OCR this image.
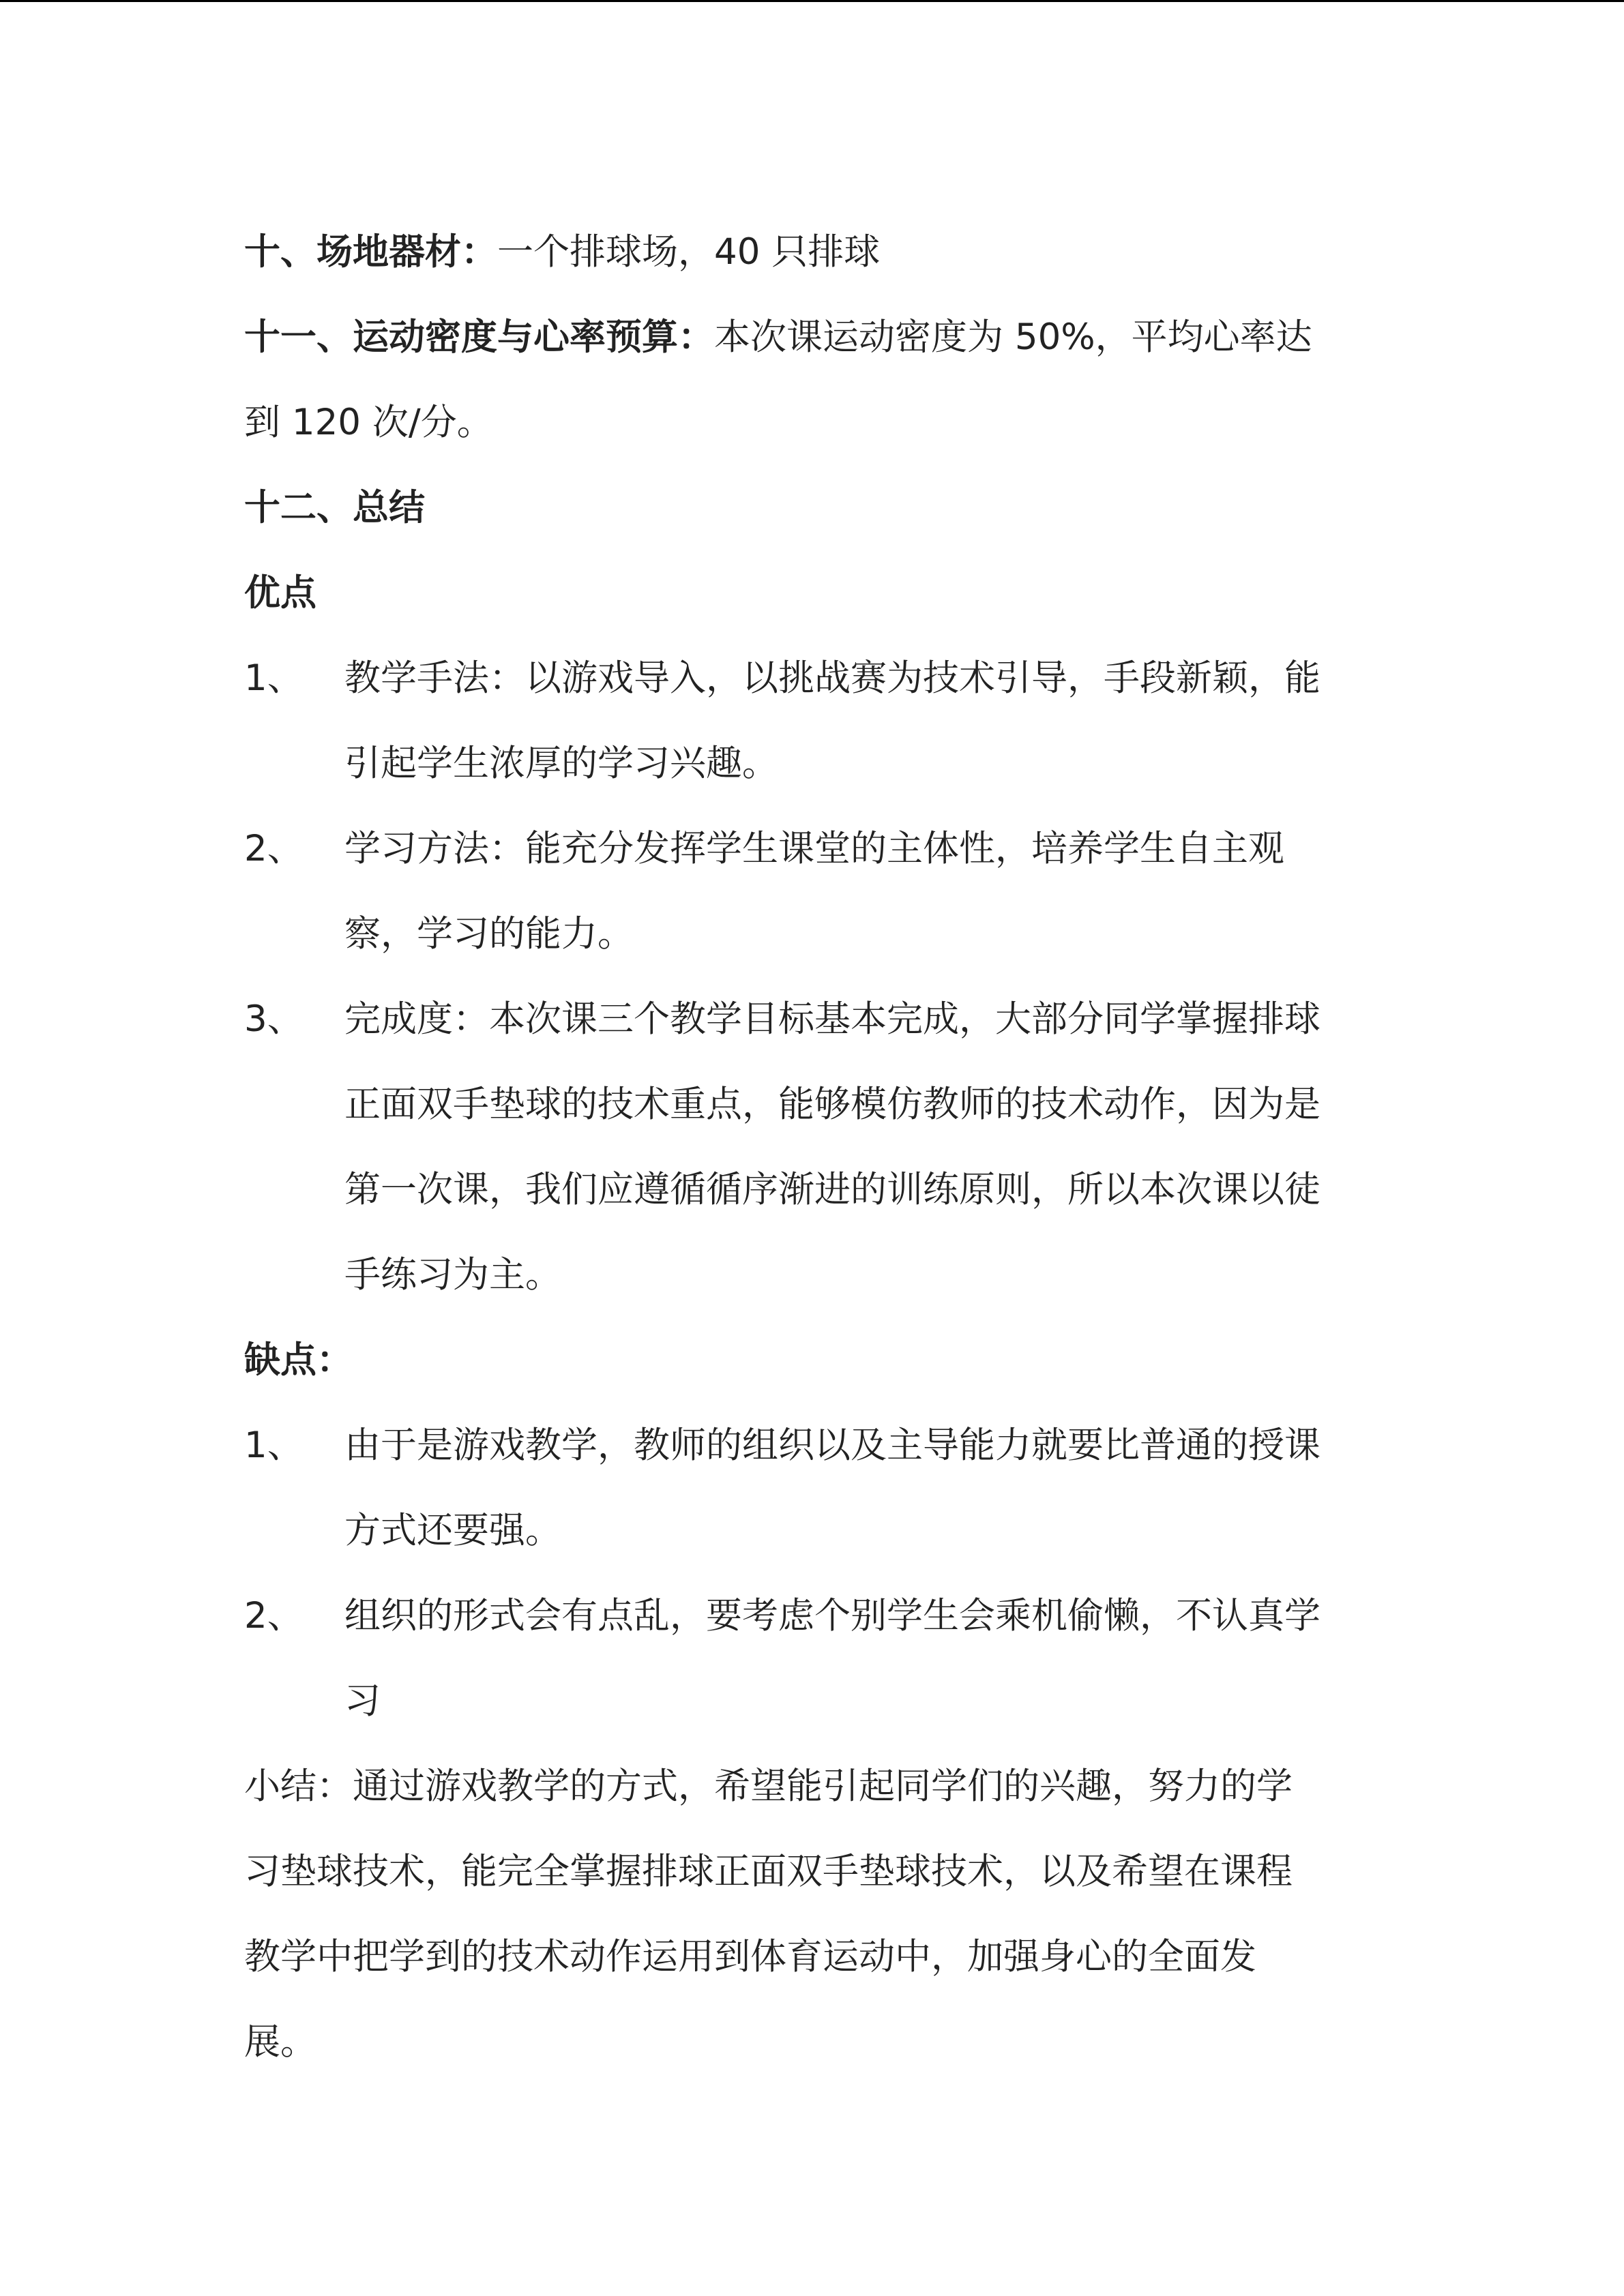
十、场地器材：一个排球场，40 只排球
十一、运动密度与心率预算：本次课运动密度为 50%，平均心率达
到 120 次/分。
十二、总结
优点
1、	教学手法：以游戏导入，以挑战赛为技术引导，手段新颖，能
引起学生浓厚的学习兴趣。
2、	学习方法：能充分发挥学生课堂的主体性，培养学生自主观
察，学习的能力。
3、	完成度：本次课三个教学目标基本完成，大部分同学掌握排球
正面双手垫球的技术重点，能够模仿教师的技术动作，因为是
第一次课，我们应遵循循序渐进的训练原则，所以本次课以徒
手练习为主。
缺点：
1、	由于是游戏教学，教师的组织以及主导能力就要比普通的授课
方式还要强。
2、	组织的形式会有点乱，要考虑个别学生会乘机偷懒，不认真学
习
小结：通过游戏教学的方式，希望能引起同学们的兴趣，努力的学
习垫球技术，能完全掌握排球正面双手垫球技术，以及希望在课程
教学中把学到的技术动作运用到体育运动中，加强身心的全面发
展。
